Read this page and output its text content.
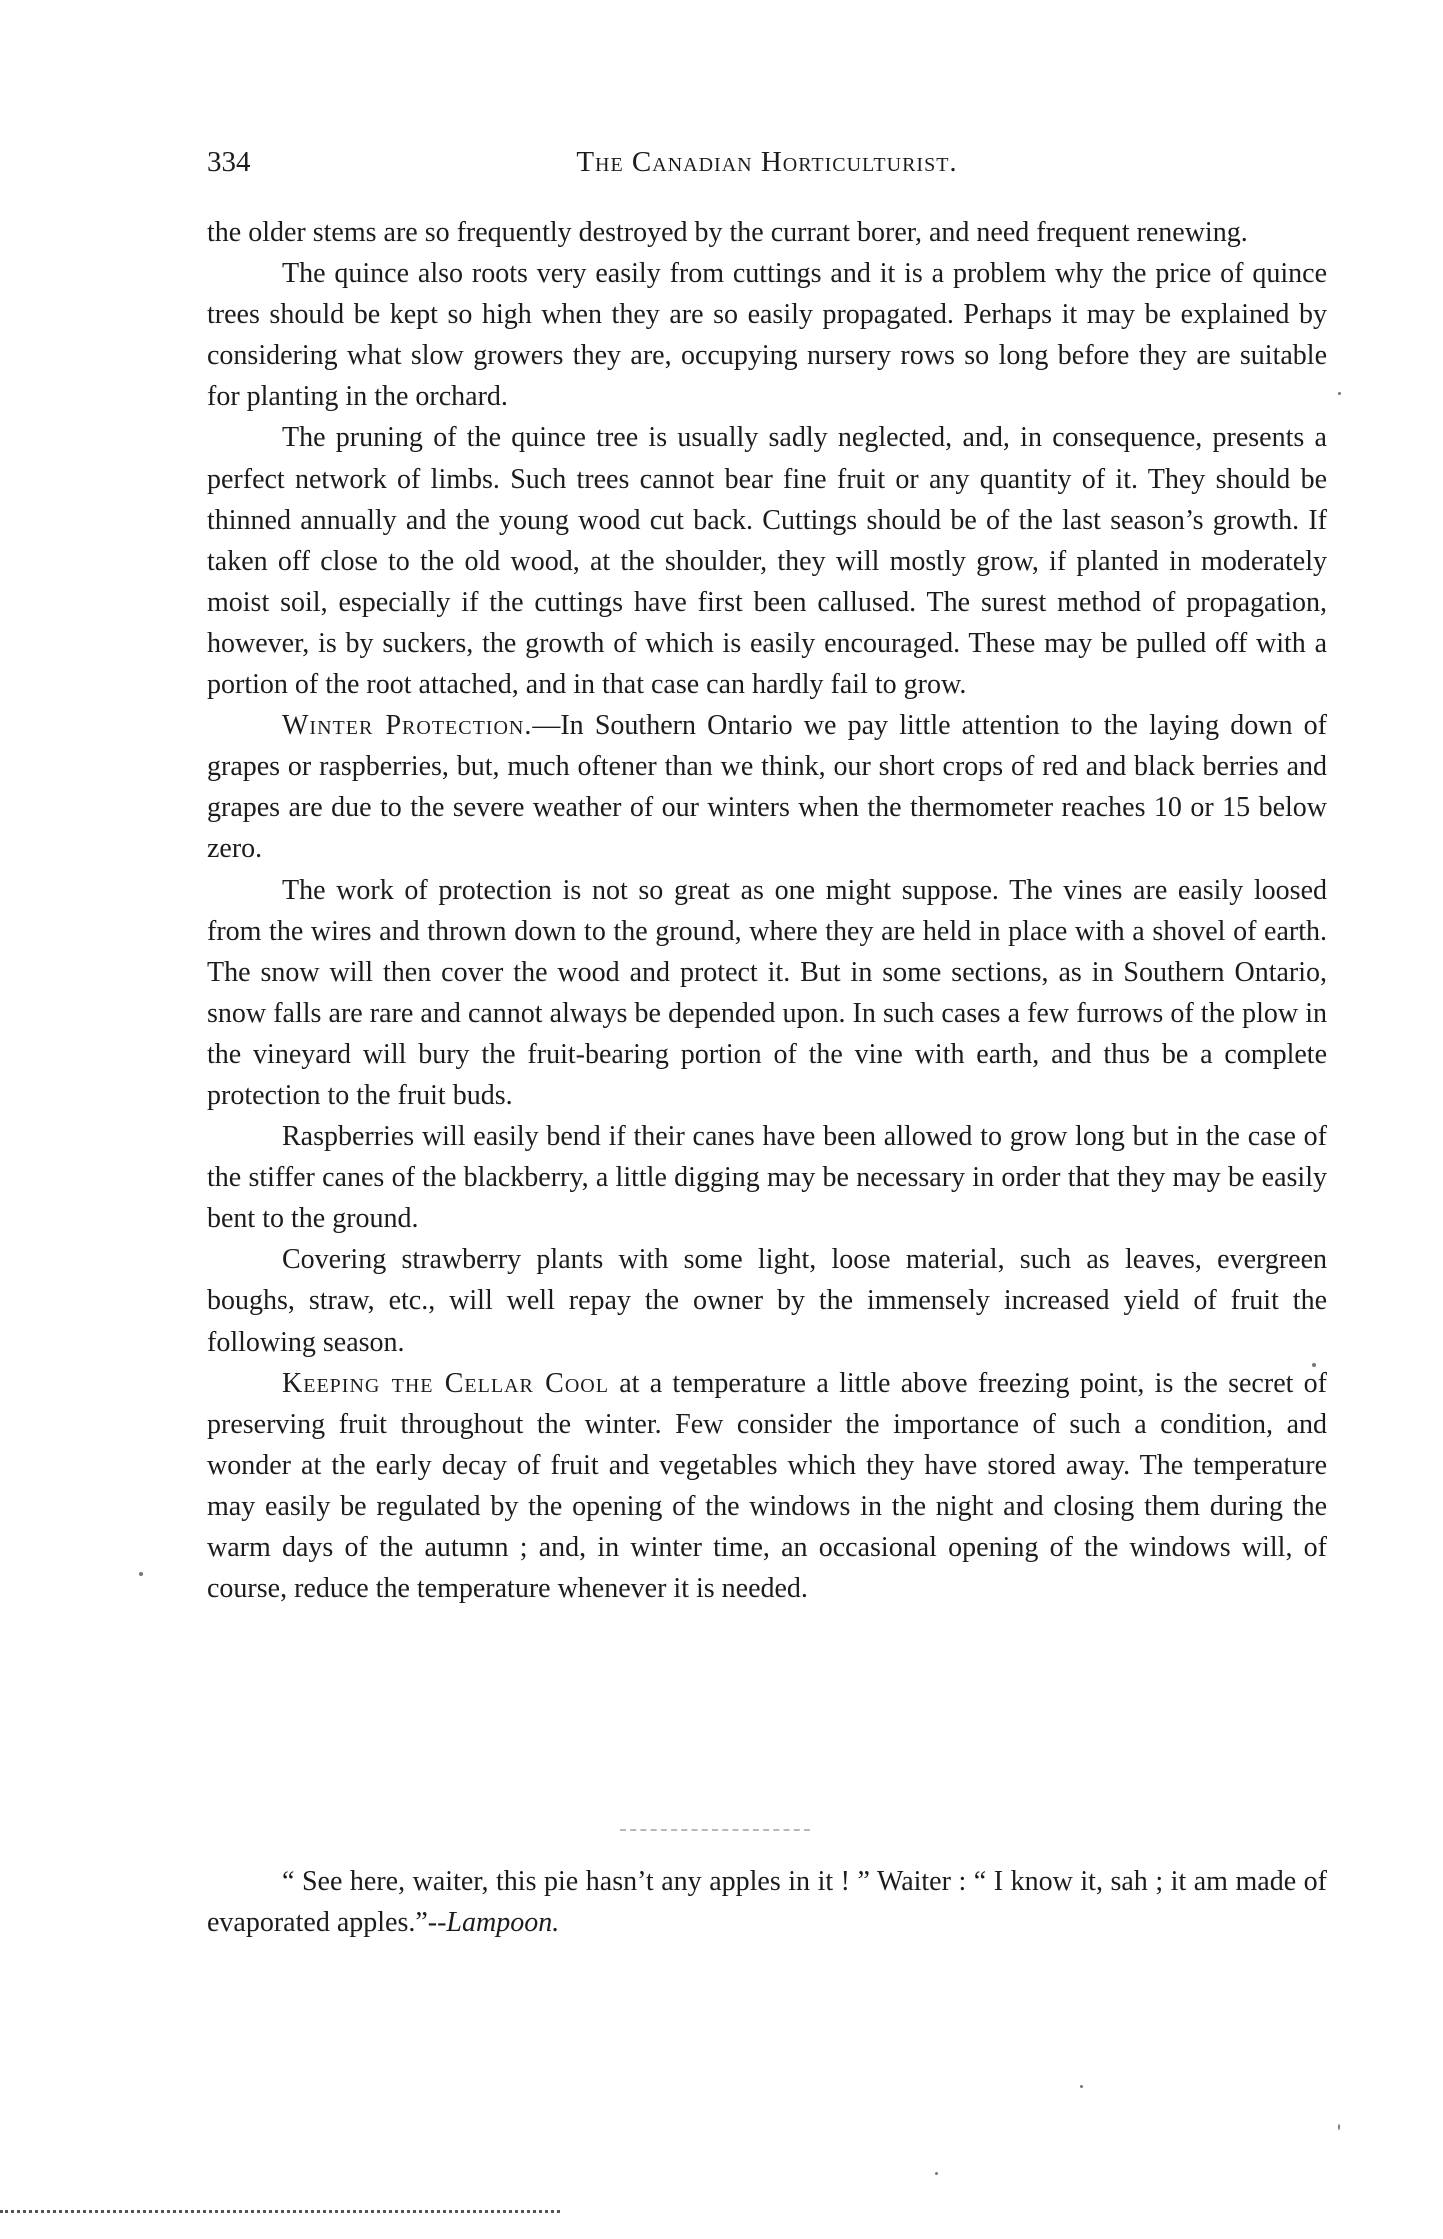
334	The Canadian Horticulturist.

the older stems are so frequently destroyed by the currant borer, and need frequent renewing.

The quince also roots very easily from cuttings and it is a problem why the price of quince trees should be kept so high when they are so easily propagated. Perhaps it may be explained by considering what slow growers they are, occupying nursery rows so long before they are suitable for planting in the orchard.

The pruning of the quince tree is usually sadly neglected, and, in consequence, presents a perfect network of limbs. Such trees cannot bear fine fruit or any quantity of it. They should be thinned annually and the young wood cut back. Cuttings should be of the last season’s growth. If taken off close to the old wood, at the shoulder, they will mostly grow, if planted in moderately moist soil, especially if the cuttings have first been callused. The surest method of propagation, however, is by suckers, the growth of which is easily encouraged. These may be pulled off with a portion of the root attached, and in that case can hardly fail to grow.

Winter Protection.—In Southern Ontario we pay little attention to the laying down of grapes or raspberries, but, much oftener than we think, our short crops of red and black berries and grapes are due to the severe weather of our winters when the thermometer reaches 10 or 15 below zero.

The work of protection is not so great as one might suppose. The vines are easily loosed from the wires and thrown down to the ground, where they are held in place with a shovel of earth. The snow will then cover the wood and protect it. But in some sections, as in Southern Ontario, snow falls are rare and cannot always be depended upon. In such cases a few furrows of the plow in the vineyard will bury the fruit-bearing portion of the vine with earth, and thus be a complete protection to the fruit buds.

Raspberries will easily bend if their canes have been allowed to grow long but in the case of the stiffer canes of the blackberry, a little digging may be necessary in order that they may be easily bent to the ground.

Covering strawberry plants with some light, loose material, such as leaves, evergreen boughs, straw, etc., will well repay the owner by the immensely increased yield of fruit the following season.

Keeping the Cellar Cool at a temperature a little above freezing point, is the secret of preserving fruit throughout the winter. Few consider the importance of such a condition, and wonder at the early decay of fruit and vegetables which they have stored away. The temperature may easily be regulated by the opening of the windows in the night and closing them during the warm days of the autumn ; and, in winter time, an occasional opening of the windows will, of course, reduce the temperature whenever it is needed.

“ See here, waiter, this pie hasn’t any apples in it ! ” Waiter : “ I know it, sah ; it am made of evaporated apples.”--Lampoon.
